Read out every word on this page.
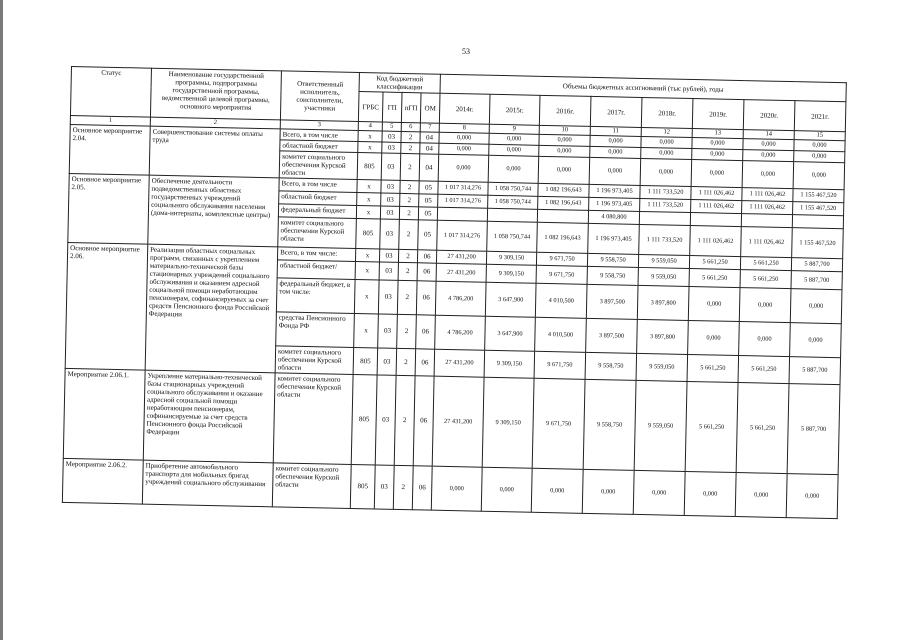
53
Статус	Наименование государственной программы, подпрограммы государственной программы, ведомственной целевой программы, основного мероприятия	Ответственный исполнитель, соисполнители, участники	Код бюджетной классификации				Объемы бюджетных ассигнований (тыс рублей), годы							
			ГРБС	ГП	пГП	ОМ	2014г.	2015г.	2016г.	2017г.	2018г.	2019г.	2020г.	2021г.
1	2	3	4	5	6	7	8	9	10	11	12	13	14	15
Основное мероприятие 2.04.	Совершенствование системы оплаты труда	Всего, в том числе	х	03	2	04	0,000	0,000	0,000	0,000	0,000	0,000	0,000	0,000
		областной бюджет	х	03	2	04	0,000	0,000	0,000	0,000	0,000	0,000	0,000	0,000
		комитет социального обеспечения Курской области	805	03	2	04	0,000	0,000	0,000	0,000	0,000	0,000	0,000	0,000
Основное мероприятие 2.05.	Обеспечение деятельности подведомственных областных государственных учреждений социального обслуживания населения (дома-интернаты, комплексные центры)	Всего, в том числе	х	03	2	05	1 017 314,276	1 058 750,744	1 082 196,643	1 196 973,405	1 111 733,520	1 111 026,462	1 111 026,462	1 155 467,520
		областной бюджет	х	03	2	05	1 017 314,276	1 058 750,744	1 082 196,643	1 196 973,405	1 111 733,520	1 111 026,462	1 111 026,462	1 155 467,520
		федеральный бюджет	х	03	2	05				4 080,800				
		комитет социального обеспечения Курской области	805	03	2	05	1 017 314,276	1 058 750,744	1 082 196,643	1 196 973,405	1 111 733,520	1 111 026,462	1 111 026,462	1 155 467,520
Основное мероприятие 2.06.	Реализация областных социальных программ, связанных с укреплением материально-технической базы стационарных учреждений социального обслуживания и оказанием адресной социальной помощи неработающим пенсионерам, софинансируемых за счет средств Пенсионного фонда Российской Федерации	Всего, в том числе:	х	03	2	06	27 431,200	9 309,150	9 671,750	9 558,750	9 559,050	5 661,250	5 661,250	5 887,700
		областной бюджет/	х	03	2	06	27 431,200	9 309,150	9 671,750	9 558,750	9 559,050	5 661,250	5 661,250	5 887,700
		федеральный бюджет, в том числе:	х	03	2	06	4 786,200	3 647,900	4 010,500	3 897,500	3 897,800	0,000	0,000	0,000
		средства Пенсионного Фонда РФ	х	03	2	06	4 786,200	3 647,900	4 010,500	3 897,500	3 897,800	0,000	0,000	0,000
		комитет социального обеспечения Курской области	805	03	2	06	27 431,200	9 309,150	9 671,750	9 558,750	9 559,050	5 661,250	5 661,250	5 887,700
Мероприятие 2.06.1.	Укрепление материально-технической базы стационарных учреждений социального обслуживания и оказание адресной социальной помощи неработающим пенсионерам, софинансируемые за счет средств Пенсионного фонда Российской Федерации	комитет социального обеспечения Курской области	805	03	2	06	27 431,200	9 309,150	9 671,750	9 558,750	9 559,050	5 661,250	5 661,250	5 887,700
Мероприятие 2.06.2.	Приобретение автомобильного транспорта для мобильных бригад учреждений социального обслуживания	комитет социального обеспечения Курской области	805	03	2	06	0,000	0,000	0,000	0,000	0,000	0,000	0,000	0,000
